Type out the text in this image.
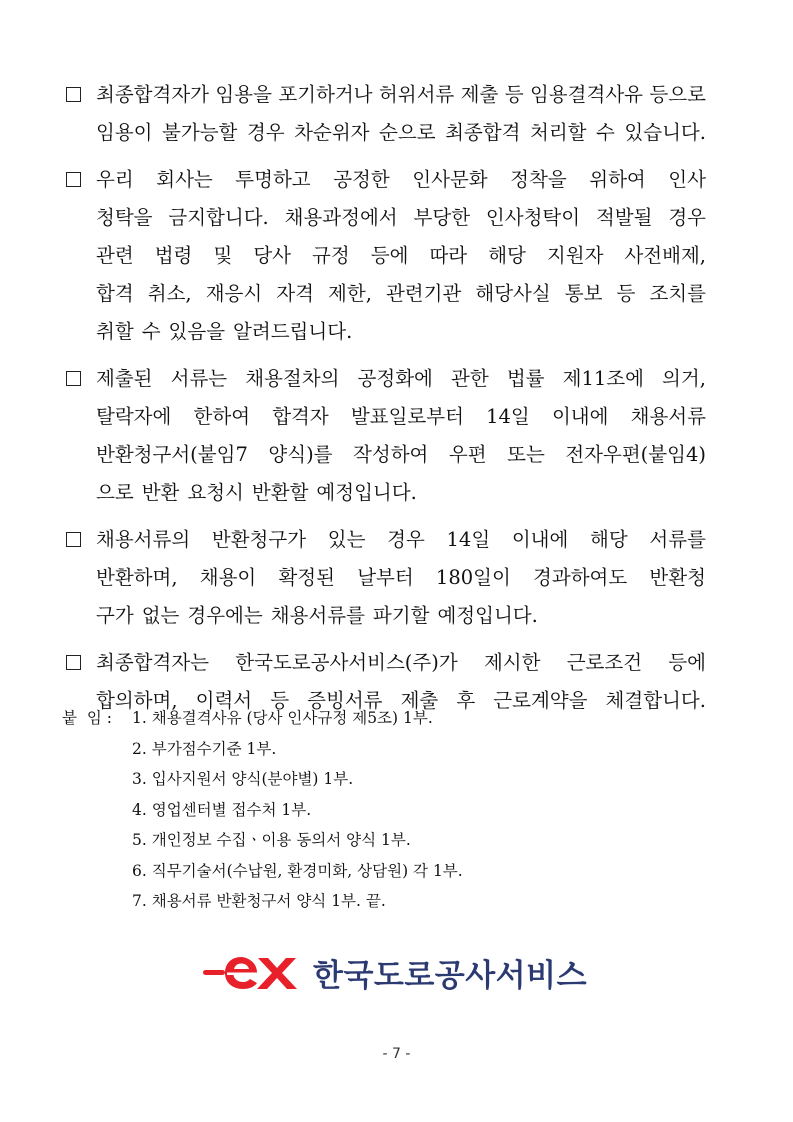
최종합격자가 임용을 포기하거나 허위서류 제출 등 임용결격사유 등으로
임용이 불가능할 경우 차순위자 순으로 최종합격 처리할 수 있습니다.
우리 회사는 투명하고 공정한 인사문화 정착을 위하여 인사
청탁을 금지합니다. 채용과정에서 부당한 인사청탁이 적발될 경우
관련 법령 및 당사 규정 등에 따라 해당 지원자 사전배제,
합격 취소, 재응시 자격 제한, 관련기관 해당사실 통보 등 조치를
취할 수 있음을 알려드립니다.
제출된 서류는 채용절차의 공정화에 관한 법률 제11조에 의거,
탈락자에 한하여 합격자 발표일로부터 14일 이내에 채용서류
반환청구서(붙임7 양식)를 작성하여 우편 또는 전자우편(붙임4)
으로 반환 요청시 반환할 예정입니다.
채용서류의 반환청구가 있는 경우 14일 이내에 해당 서류를
반환하며, 채용이 확정된 날부터 180일이 경과하여도 반환청
구가 없는 경우에는 채용서류를 파기할 예정입니다.
최종합격자는 한국도로공사서비스(주)가 제시한 근로조건 등에
합의하며, 이력서 등 증빙서류 제출 후 근로계약을 체결합니다.
붙  임 :	1. 채용결격사유 (당사 인사규정 제5조) 1부.
2. 부가점수기준 1부.
3. 입사지원서 양식(분야별) 1부.
4. 영업센터별 접수처 1부.
5. 개인정보 수집ㆍ이용 동의서 양식 1부.
6. 직무기술서(수납원, 환경미화, 상담원) 각 1부.
7. 채용서류 반환청구서 양식 1부. 끝.
한국도로공사서비스
- 7 -
